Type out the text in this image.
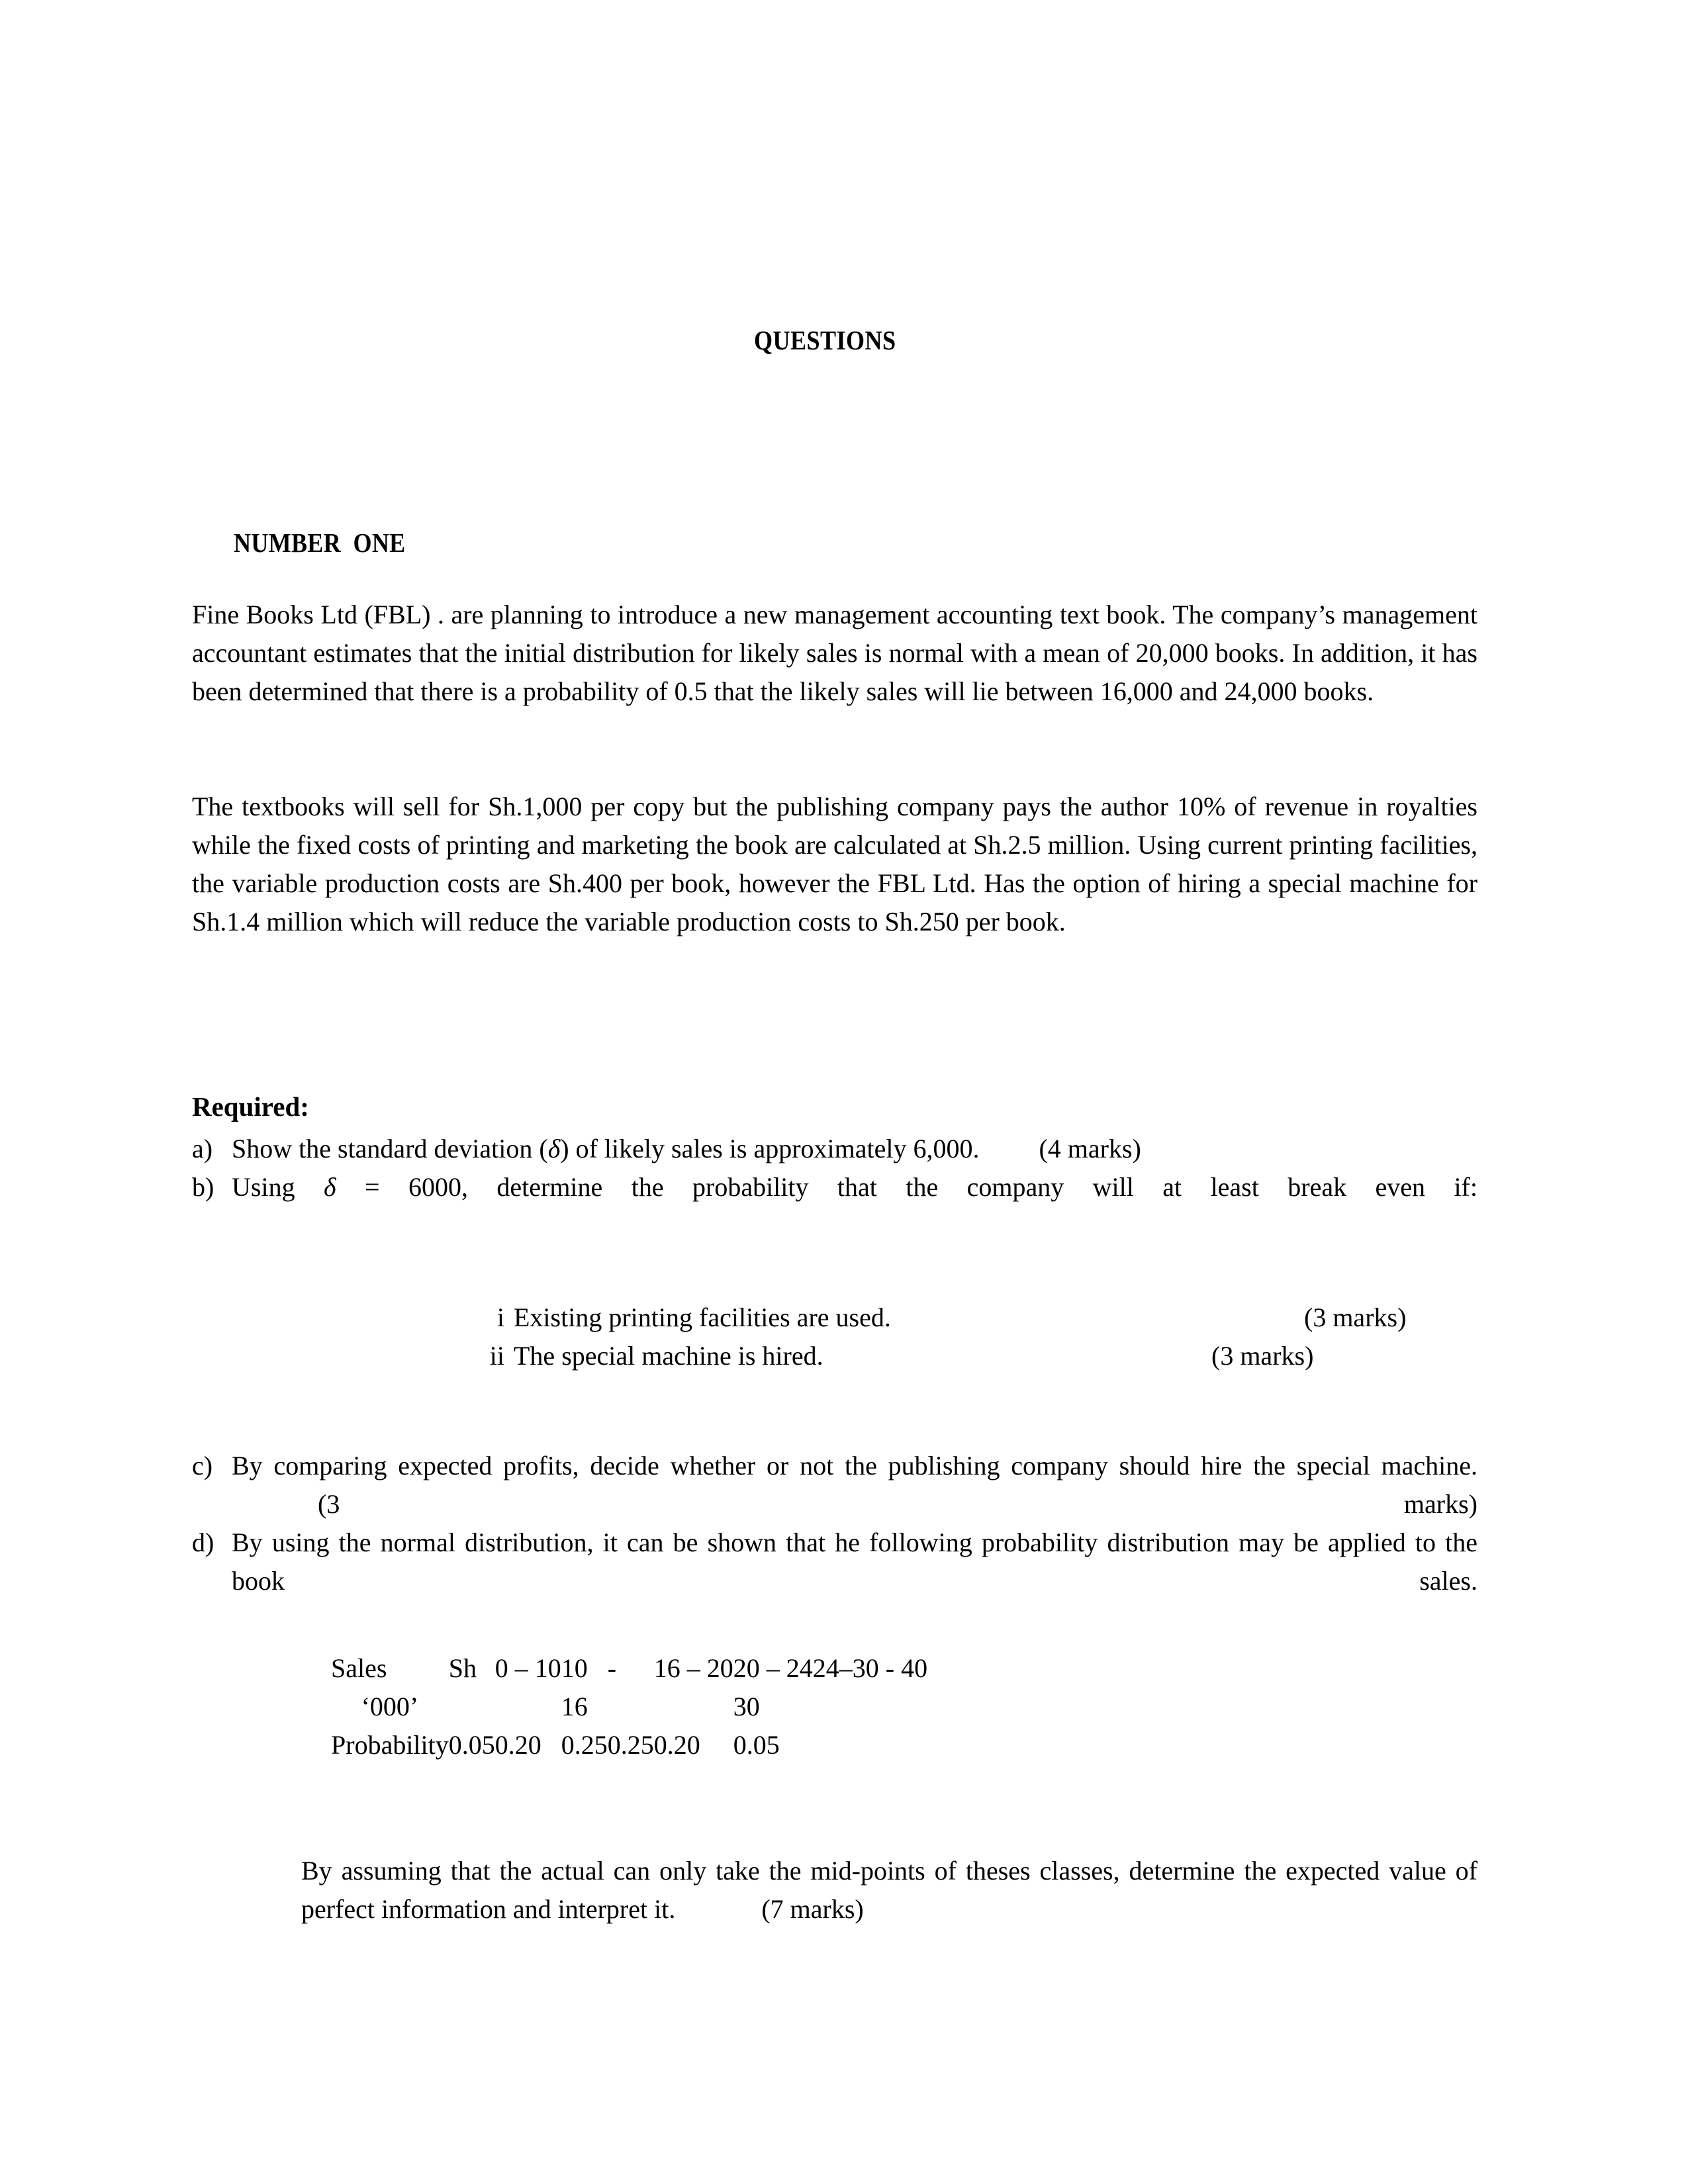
QUESTIONS

NUMBER  ONE

Fine Books Ltd (FBL) . are planning to introduce a new management accounting text book. The company’s management accountant estimates that the initial distribution for likely sales is normal with a mean of 20,000 books. In addition, it has been determined that there is a probability of 0.5 that the likely sales will lie between 16,000 and 24,000 books.

The textbooks will sell for Sh.1,000 per copy but the publishing company pays the author 10% of revenue in royalties while the fixed costs of printing and marketing the book are calculated at Sh.2.5 million. Using current printing facilities, the variable production costs are Sh.400 per book, however the FBL Ltd. Has the option of hiring a special machine for Sh.1.4 million which will reduce the variable production costs to Sh.250 per book.

Required:
a) Show the standard deviation (δ) of likely sales is approximately 6,000. (4 marks)
b) Using δ = 6000, determine the probability that the company will at least break even if:
i Existing printing facilities are used.	(3 marks)
ii The special machine is hired.	(3 marks)
c) By comparing expected profits, decide whether or not the publishing company should hire the special machine.(3 marks)
d) By using the normal distribution, it can be shown that he following probability distribution may be applied to the book sales.
Sales	Sh	0 – 10	10	-	16 – 20	20 – 24	24	–	30 - 40
‘000’			16			30			
Probability	0.05	0.20	0.25	0.25	0.20	0.05			

By assuming that the actual can only take the mid-points of theses classes, determine the expected value of perfect information and interpret it.	(7 marks)
